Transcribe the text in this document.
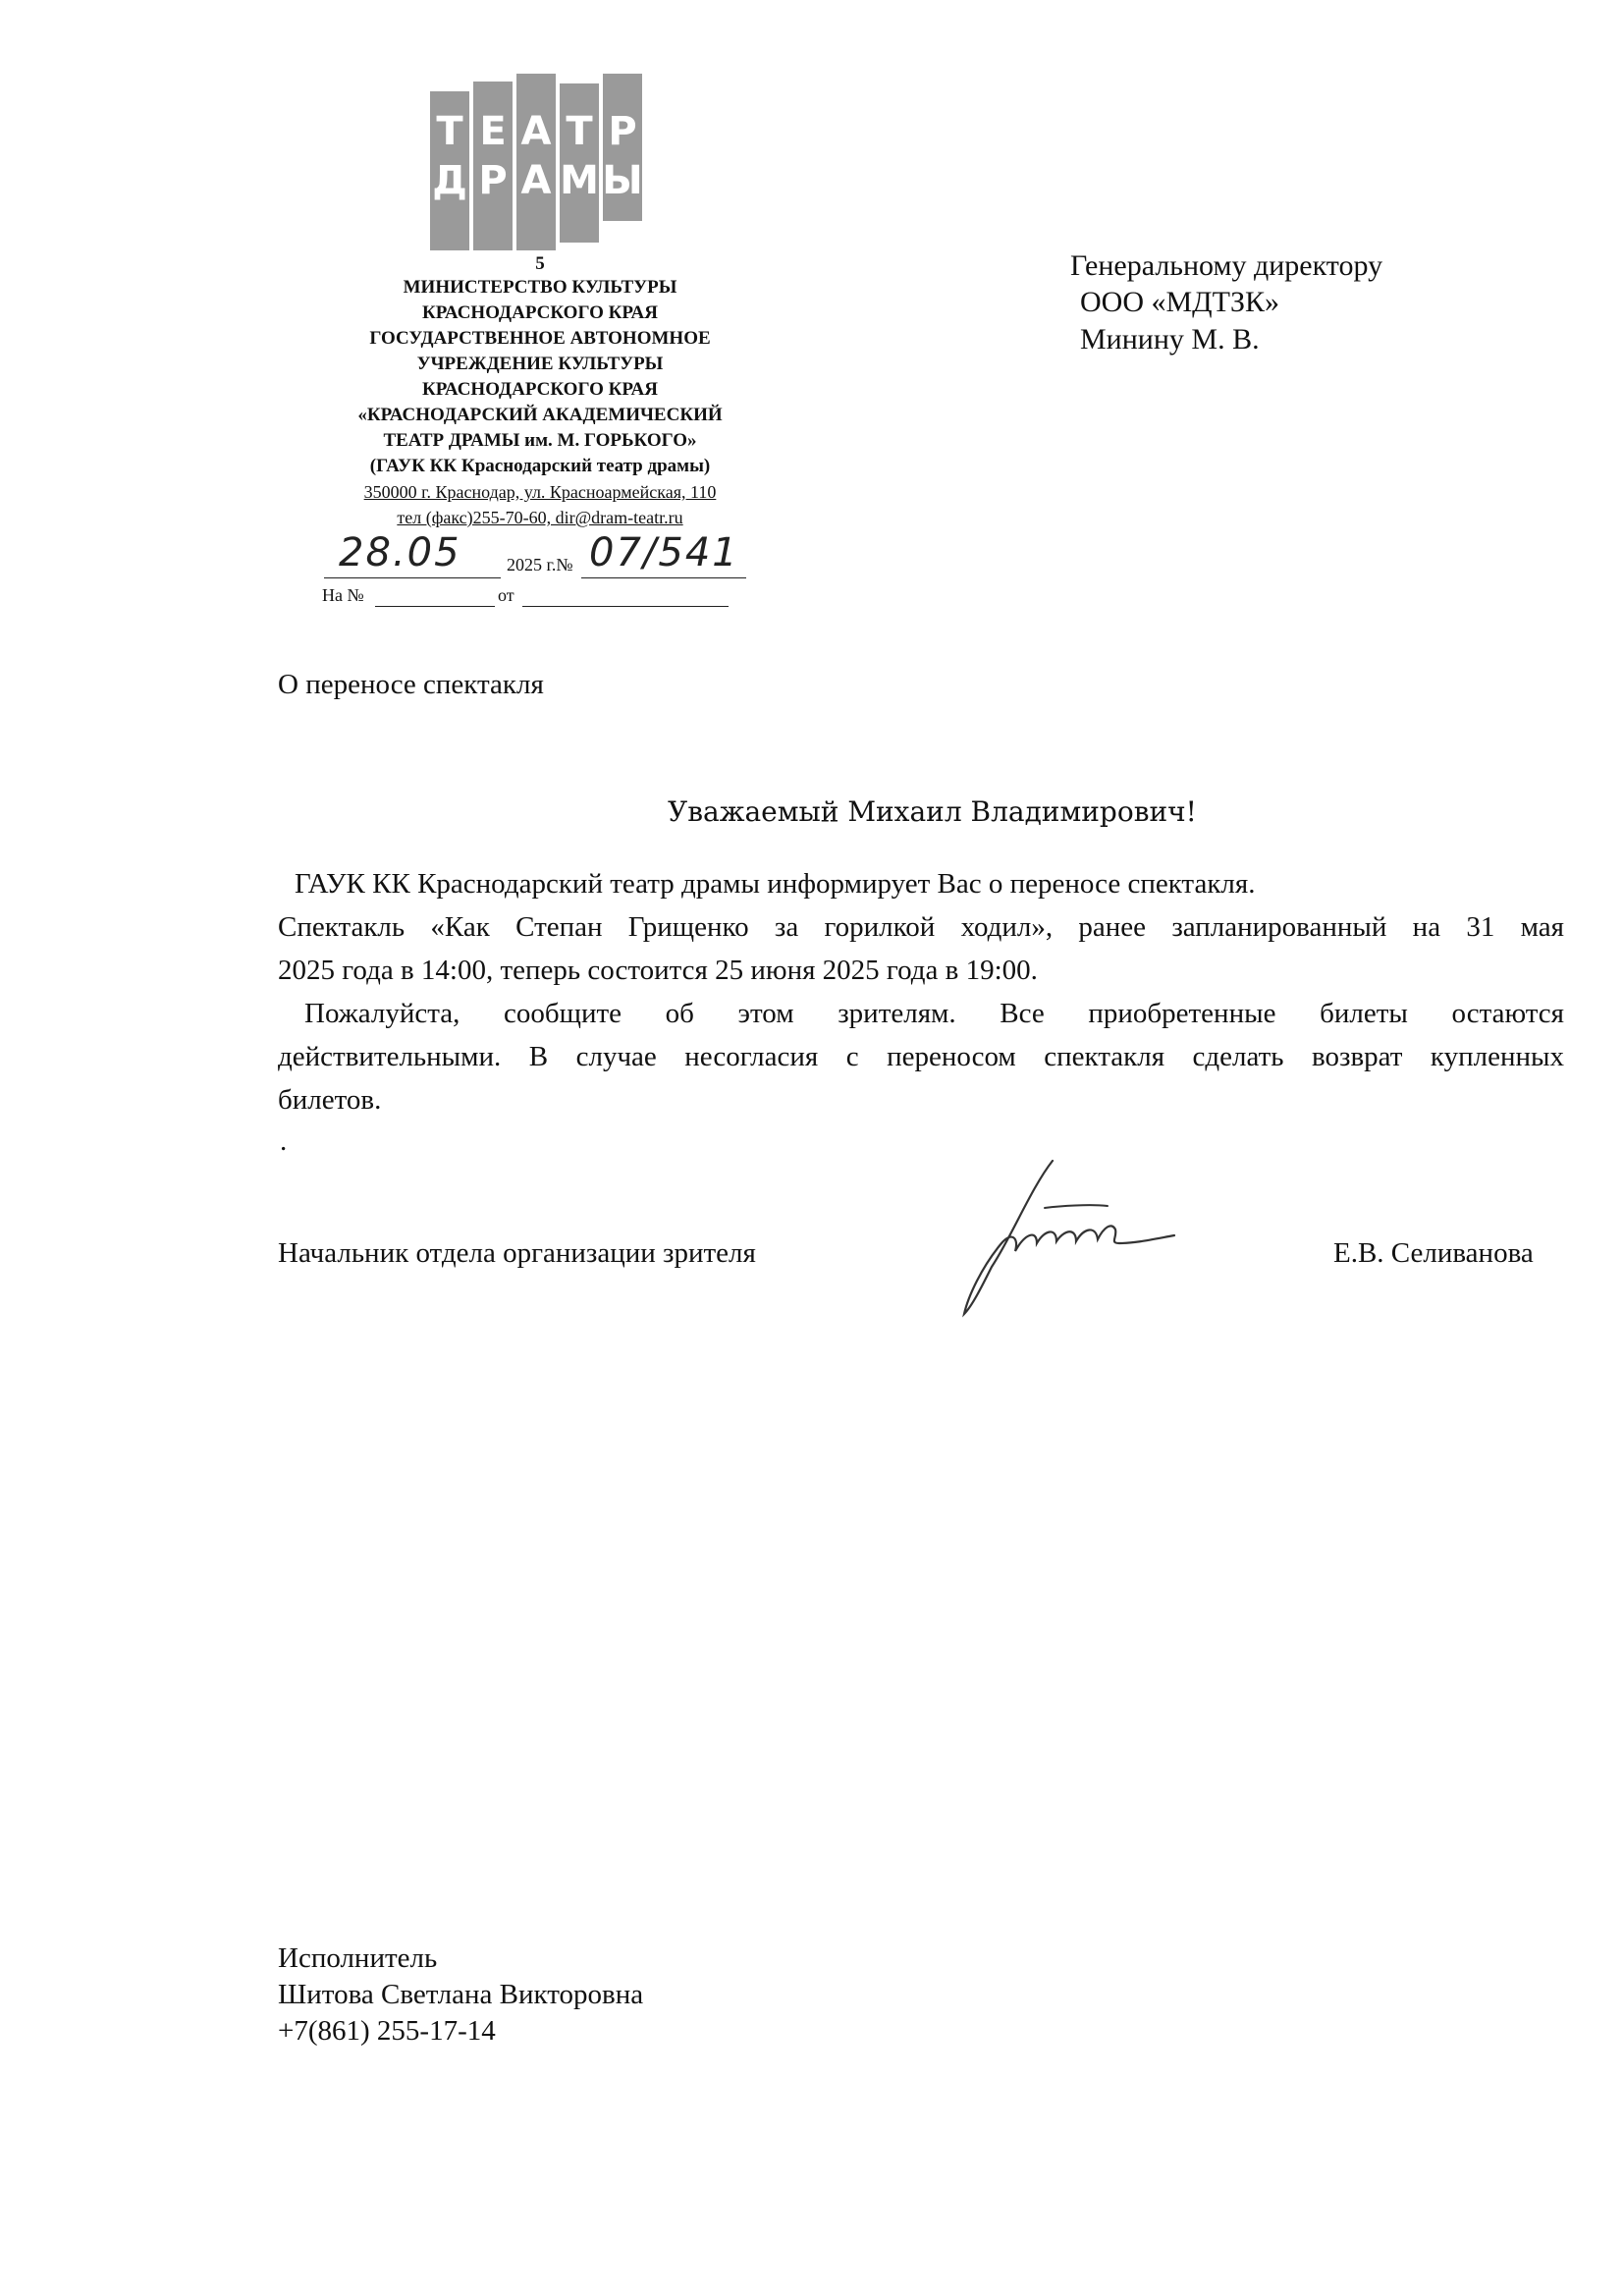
Т Е А Т Р
Д Р А М Ы
5
МИНИСТЕРСТВО КУЛЬТУРЫ
КРАСНОДАРСКОГО КРАЯ
ГОСУДАРСТВЕННОЕ АВТОНОМНОЕ
УЧРЕЖДЕНИЕ КУЛЬТУРЫ
КРАСНОДАРСКОГО КРАЯ
«КРАСНОДАРСКИЙ АКАДЕМИЧЕСКИЙ
ТЕАТР ДРАМЫ им. М. ГОРЬКОГО»
(ГАУК КК Краснодарский театр драмы)
350000 г. Краснодар, ул. Красноармейская, 110
тел (факс)255-70-60, dir@dram-teatr.ru
28.05	2025 г.№ 07/541
На №	от
Генеральному директору
ООО «МДТЗК»
Минину М. В.
О переносе спектакля
Уважаемый Михаил Владимирович!
ГАУК КК Краснодарский театр драмы информирует Вас о переносе спектакля.
Спектакль «Как Степан Грищенко за горилкой ходил», ранее запланированный на 31 мая
2025 года в 14:00, теперь состоится 25 июня 2025 года в 19:00.
Пожалуйста, сообщите об этом зрителям. Все приобретенные билеты остаются
действительными. В случае несогласия с переносом спектакля сделать возврат купленных
билетов.
.
Начальник отдела организации зрителя	Е.В. Селиванова
Исполнитель
Шитова Светлана Викторовна
+7(861) 255-17-14
